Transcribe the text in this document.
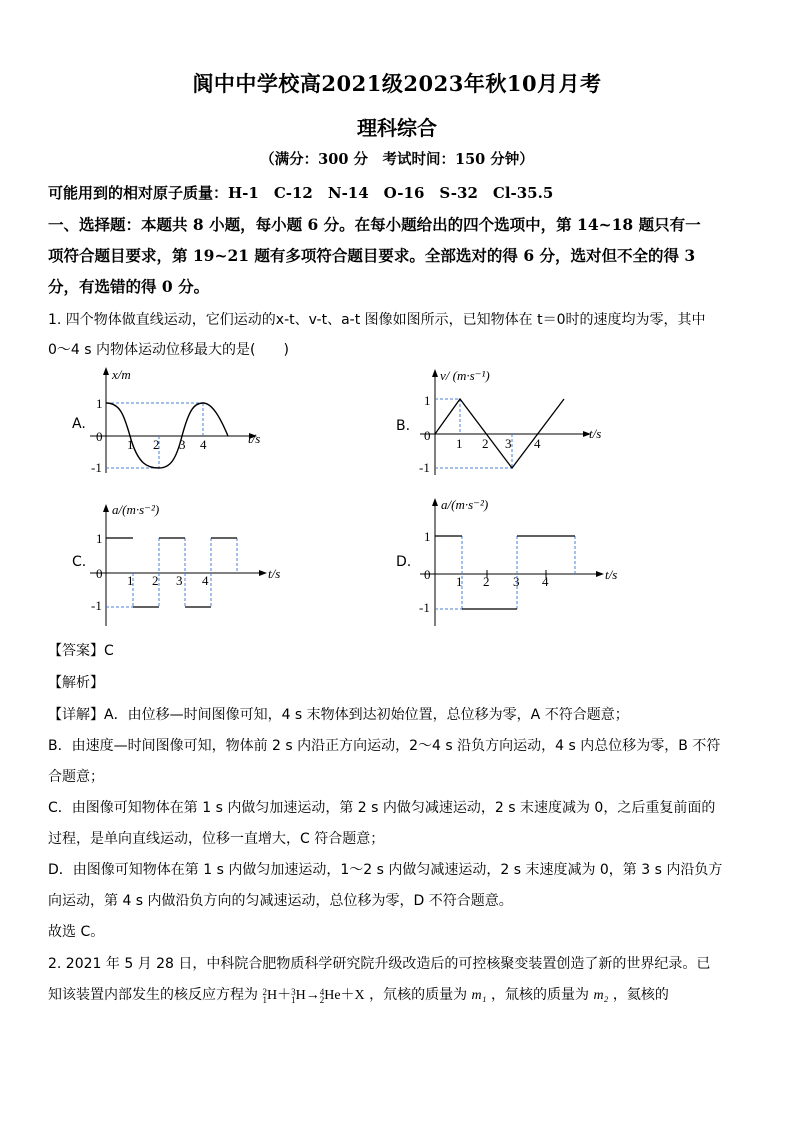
阆中中学校高2021级2023年秋10月月考
理科综合
（满分：300 分　考试时间：150 分钟）
可能用到的相对原子质量：H-1　C-12　N-14　O-16　S-32　Cl-35.5
一、选择题：本题共 8 小题，每小题 6 分。在每小题给出的四个选项中，第 14~18 题只有一
项符合题目要求，第 19~21 题有多项符合题目要求。全部选对的得 6 分，选对但不全的得 3
分，有选错的得 0 分。
1. 四个物体做直线运动，它们运动的x-t、v-t、a-t 图像如图所示，已知物体在 t＝0时的速度均为零，其中
0～4 s 内物体运动位移最大的是(　　)
A.
x/m
t/s
1
0
-1
1 2 3 4
B.
v/ (m·s⁻¹)
t/s
1
0
-1
1 2 3 4
C.
a/(m·s⁻²)
t/s
1
0
-1
1 2 3 4
D.
a/(m·s⁻²)
t/s
1
0
-1
1 2 3 4
【答案】C
【解析】
【详解】A．由位移—时间图像可知，4 s 末物体到达初始位置，总位移为零，A 不符合题意；
B．由速度—时间图像可知，物体前 2 s 内沿正方向运动，2～4 s 沿负方向运动，4 s 内总位移为零，B 不符
合题意；
C．由图像可知物体在第 1 s 内做匀加速运动，第 2 s 内做匀减速运动，2 s 末速度减为 0，之后重复前面的
过程，是单向直线运动，位移一直增大，C 符合题意；
D．由图像可知物体在第 1 s 内做匀加速运动，1～2 s 内做匀减速运动，2 s 末速度减为 0，第 3 s 内沿负方
向运动，第 4 s 内做沿负方向的匀减速运动，总位移为零，D 不符合题意。
故选 C。
2. 2021 年 5 月 28 日，中科院合肥物质科学研究院升级改造后的可控核聚变装置创造了新的世界纪录。已
知该装置内部发生的核反应方程为 2
1H＋3
1H→4
2He＋X ，氘核的质量为 m₁ ，氚核的质量为 m₂ ，氦核的
